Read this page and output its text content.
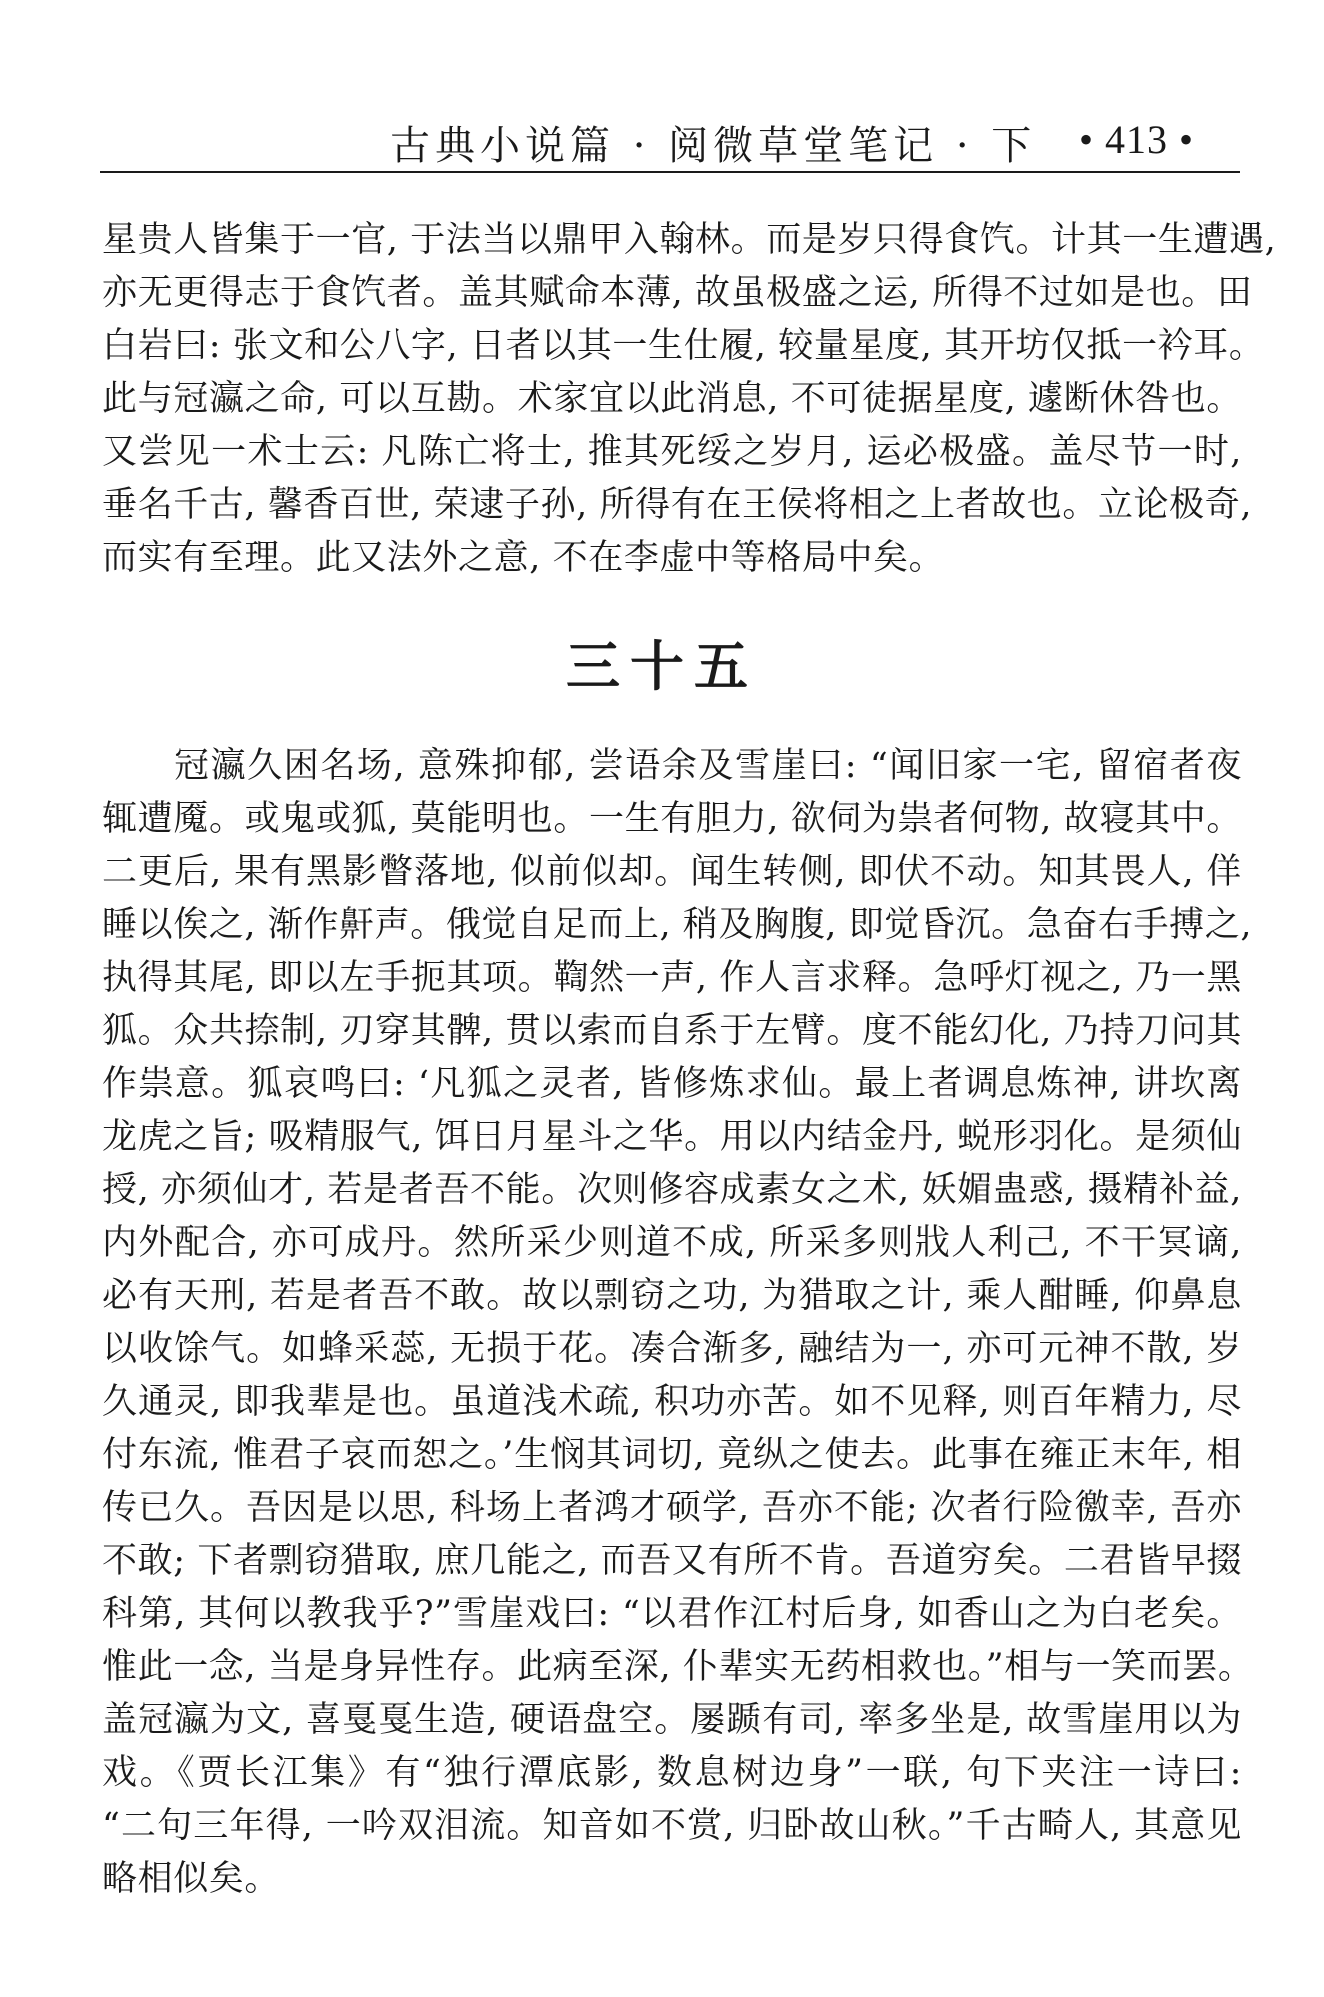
古典小说篇 · 阅微草堂笔记 · 下 • 413 •
星贵人皆集于一官, 于法当以鼎甲入翰林。而是岁只得食饩。计其一生遭遇,
亦无更得志于食饩者。盖其赋命本薄, 故虽极盛之运, 所得不过如是也。田
白岩曰: 张文和公八字, 日者以其一生仕履, 较量星度, 其开坊仅抵一衿耳。
此与冠瀛之命, 可以互勘。术家宜以此消息, 不可徒据星度, 遽断休咎也。
又尝见一术士云: 凡陈亡将士, 推其死绥之岁月, 运必极盛。盖尽节一时,
垂名千古, 馨香百世, 荣逮子孙, 所得有在王侯将相之上者故也。立论极奇,
而实有至理。此又法外之意, 不在李虚中等格局中矣。
三十五
冠瀛久困名场, 意殊抑郁, 尝语余及雪崖曰: “闻旧家一宅, 留宿者夜
辄遭魇。或鬼或狐, 莫能明也。一生有胆力, 欲伺为祟者何物, 故寝其中。
二更后, 果有黑影瞥落地, 似前似却。闻生转侧, 即伏不动。知其畏人, 佯
睡以俟之, 渐作鼾声。俄觉自足而上, 稍及胸腹, 即觉昏沉。急奋右手搏之,
执得其尾, 即以左手扼其项。鞫然一声, 作人言求释。急呼灯视之, 乃一黑
狐。众共捺制, 刃穿其髀, 贯以索而自系于左臂。度不能幻化, 乃持刀问其
作祟意。狐哀鸣曰: ‘凡狐之灵者, 皆修炼求仙。最上者调息炼神, 讲坎离
龙虎之旨; 吸精服气, 饵日月星斗之华。用以内结金丹, 蜕形羽化。是须仙
授, 亦须仙才, 若是者吾不能。次则修容成素女之术, 妖媚蛊惑, 摄精补益,
内外配合, 亦可成丹。然所采少则道不成, 所采多则戕人利己, 不干冥谪,
必有天刑, 若是者吾不敢。故以剽窃之功, 为猎取之计, 乘人酣睡, 仰鼻息
以收馀气。如蜂采蕊, 无损于花。凑合渐多, 融结为一, 亦可元神不散, 岁
久通灵, 即我辈是也。虽道浅术疏, 积功亦苦。如不见释, 则百年精力, 尽
付东流, 惟君子哀而恕之。’生悯其词切, 竟纵之使去。此事在雍正末年, 相
传已久。吾因是以思, 科场上者鸿才硕学, 吾亦不能; 次者行险徼幸, 吾亦
不敢; 下者剽窃猎取, 庶几能之, 而吾又有所不肯。吾道穷矣。二君皆早掇
科第, 其何以教我乎?”雪崖戏曰: “以君作江村后身, 如香山之为白老矣。
惟此一念, 当是身异性存。此病至深, 仆辈实无药相救也。”相与一笑而罢。
盖冠瀛为文, 喜戛戛生造, 硬语盘空。屡踬有司, 率多坐是, 故雪崖用以为
戏。《贾长江集》有“独行潭底影, 数息树边身”一联, 句下夹注一诗曰:
“二句三年得, 一吟双泪流。知音如不赏, 归卧故山秋。”千古畸人, 其意见
略相似矣。
